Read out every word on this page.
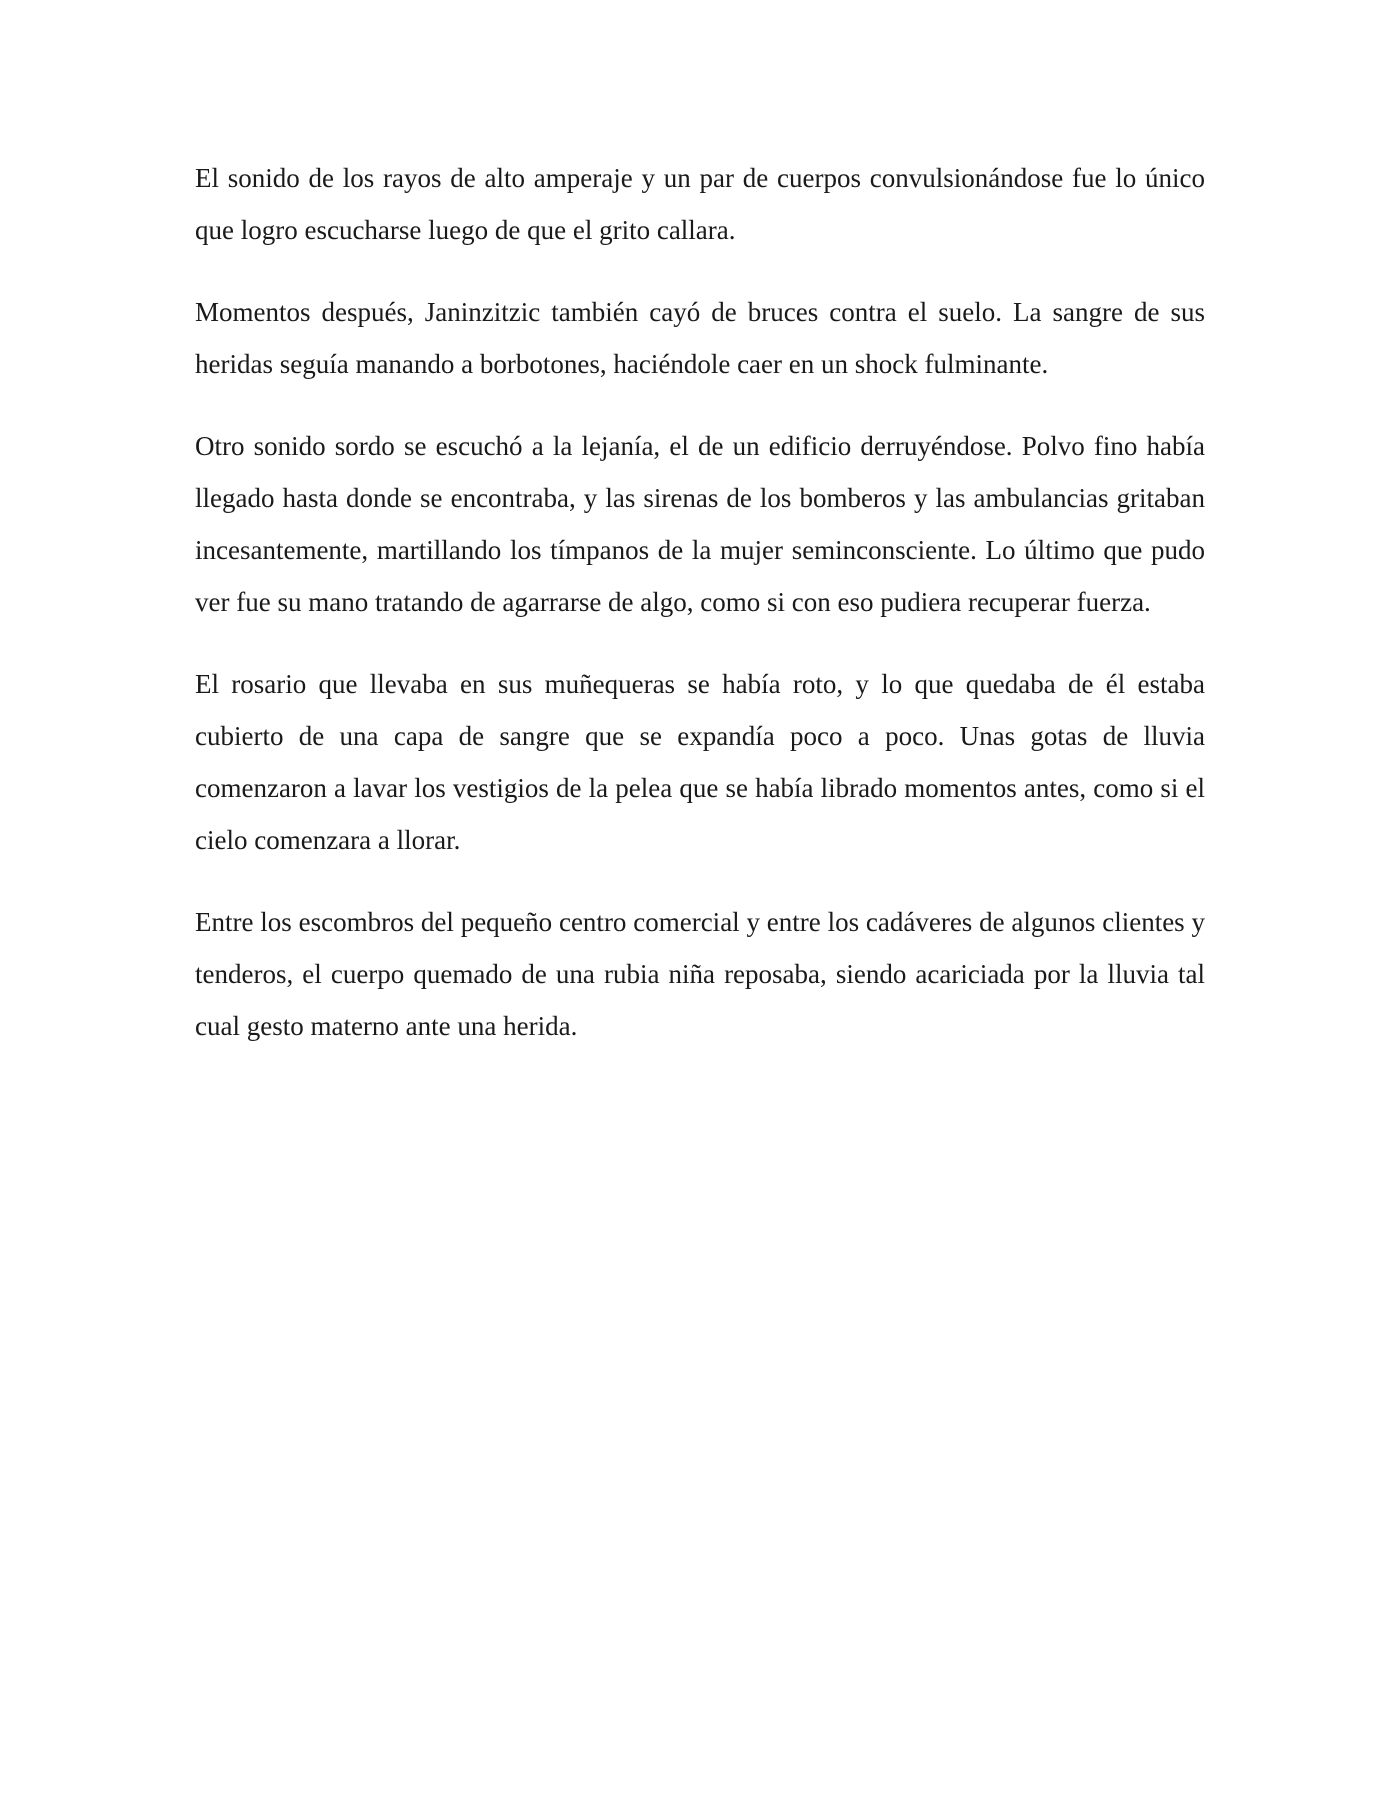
El sonido de los rayos de alto amperaje y un par de cuerpos convulsionándose fue lo único que logro escucharse luego de que el grito callara.

Momentos después, Janinzitzic también cayó de bruces contra el suelo. La sangre de sus heridas seguía manando a borbotones, haciéndole caer en un shock fulminante.

Otro sonido sordo se escuchó a la lejanía, el de un edificio derruyéndose. Polvo fino había llegado hasta donde se encontraba, y las sirenas de los bomberos y las ambulancias gritaban incesantemente, martillando los tímpanos de la mujer seminconsciente. Lo último que pudo ver fue su mano tratando de agarrarse de algo, como si con eso pudiera recuperar fuerza.

El rosario que llevaba en sus muñequeras se había roto, y lo que quedaba de él estaba cubierto de una capa de sangre que se expandía poco a poco. Unas gotas de lluvia comenzaron a lavar los vestigios de la pelea que se había librado momentos antes, como si el cielo comenzara a llorar.

Entre los escombros del pequeño centro comercial y entre los cadáveres de algunos clientes y tenderos, el cuerpo quemado de una rubia niña reposaba, siendo acariciada por la lluvia tal cual gesto materno ante una herida.
